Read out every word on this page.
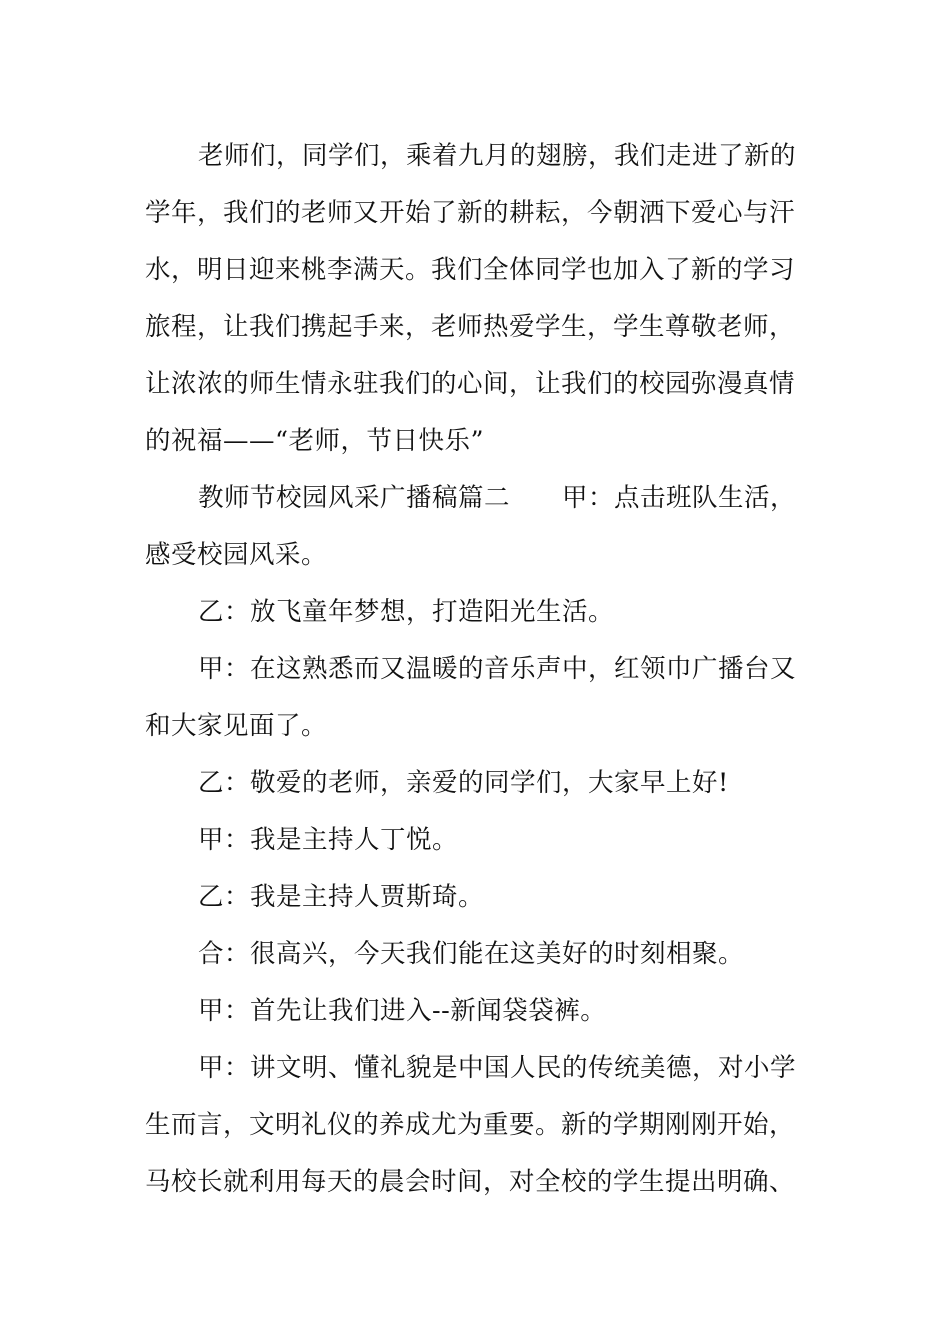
老师们，同学们，乘着九月的翅膀，我们走进了新的
学年，我们的老师又开始了新的耕耘，今朝洒下爱心与汗
水，明日迎来桃李满天。我们全体同学也加入了新的学习
旅程，让我们携起手来，老师热爱学生，学生尊敬老师，
让浓浓的师生情永驻我们的心间，让我们的校园弥漫真情
的祝福——“老师，节日快乐”
教师节校园风采广播稿篇二 甲：点击班队生活，
感受校园风采。
乙：放飞童年梦想，打造阳光生活。
甲：在这熟悉而又温暖的音乐声中，红领巾广播台又
和大家见面了。
乙：敬爱的老师，亲爱的同学们，大家早上好!
甲：我是主持人丁悦。
乙：我是主持人贾斯琦。
合：很高兴，今天我们能在这美好的时刻相聚。
甲：首先让我们进入--新闻袋袋裤。
甲：讲文明、懂礼貌是中国人民的传统美德，对小学
生而言，文明礼仪的养成尤为重要。新的学期刚刚开始，
马校长就利用每天的晨会时间，对全校的学生提出明确、
